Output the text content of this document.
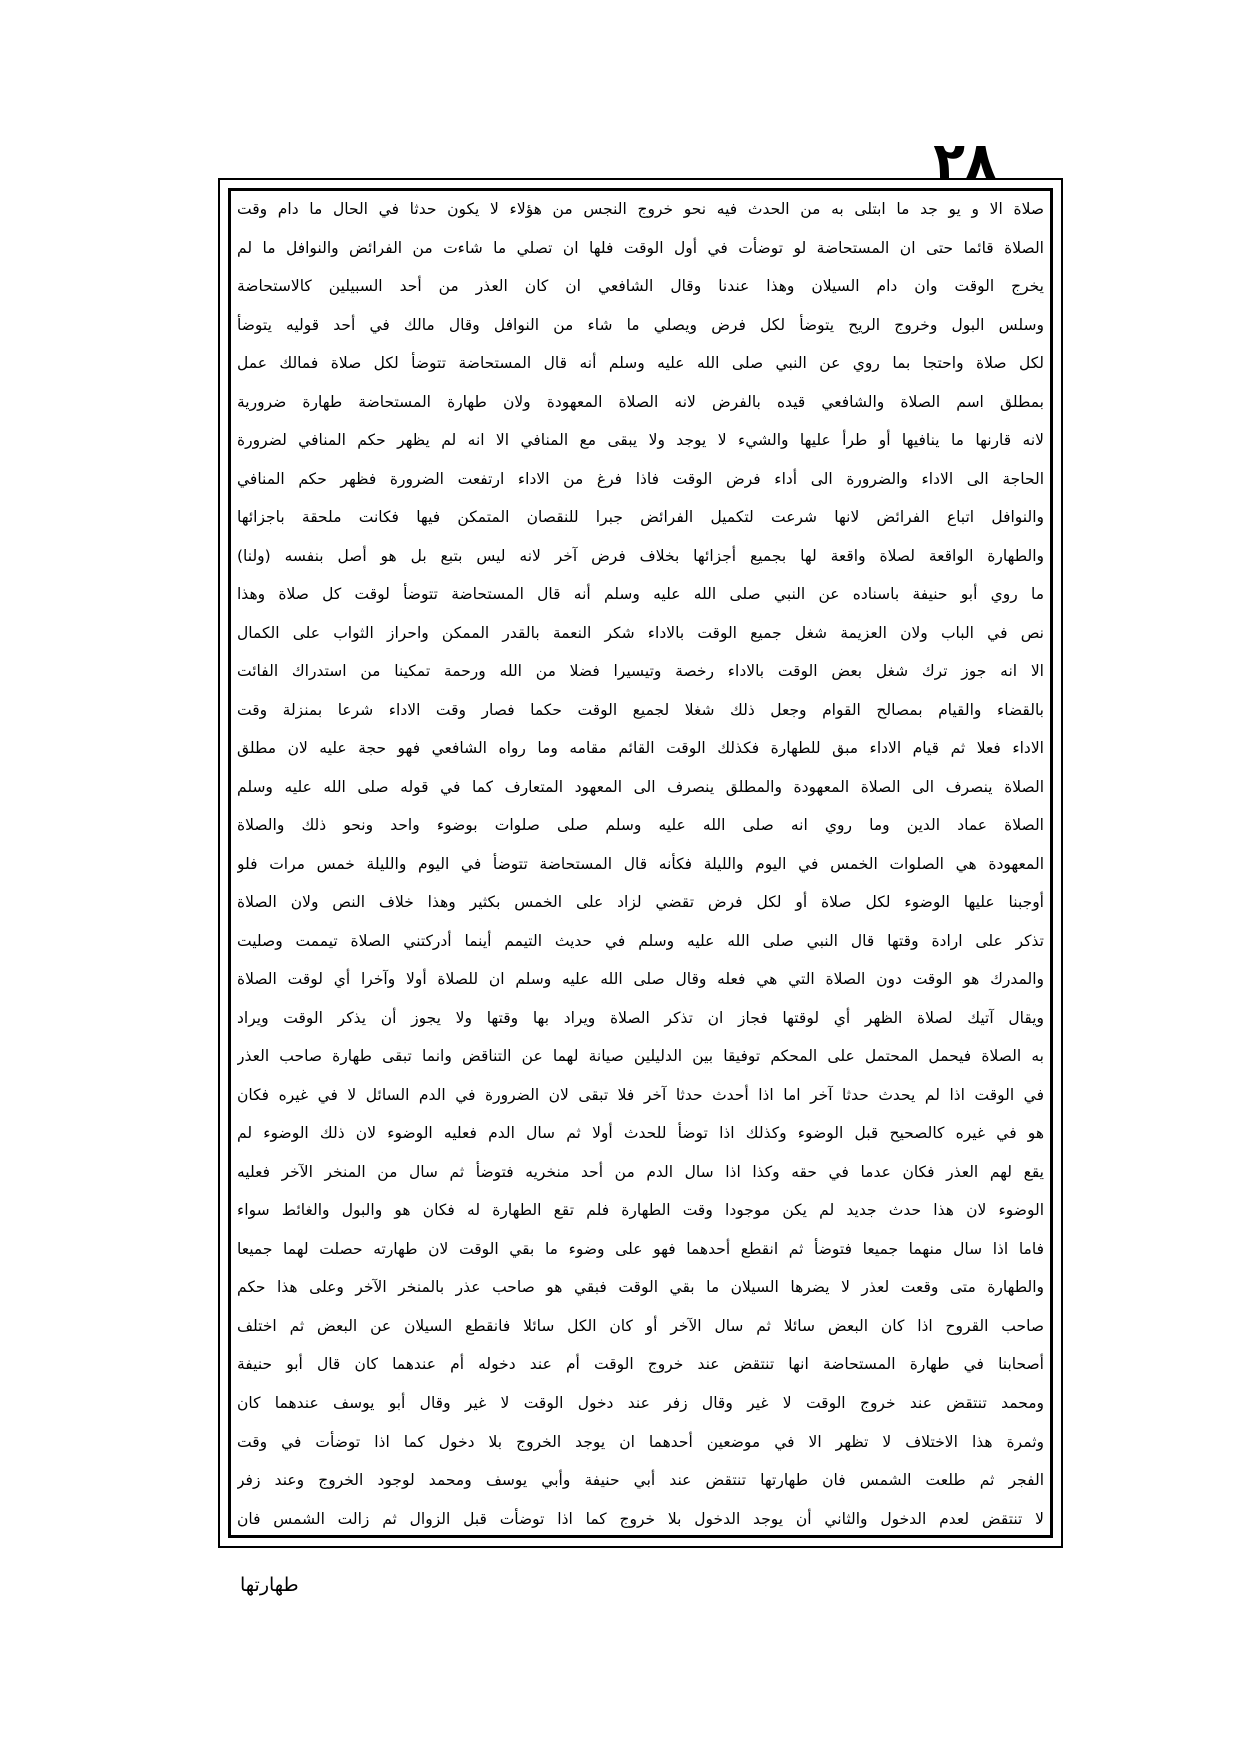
٢٨
صلاة الا و يو جد ما ابتلى به من الحدث فيه نحو خروج النجس من هؤلاء لا يكون حدثا في الحال ما دام وقت
الصلاة قائما حتى ان المستحاضة لو توضأت في أول الوقت فلها ان تصلي ما شاءت من الفرائض والنوافل ما لم
يخرج الوقت وان دام السيلان وهذا عندنا وقال الشافعي ان كان العذر من أحد السبيلين كالاستحاضة
وسلس البول وخروج الريح يتوضأ لكل فرض ويصلي ما شاء من النوافل وقال مالك في أحد قوليه يتوضأ
لكل صلاة واحتجا بما روي عن النبي صلى الله عليه وسلم أنه قال المستحاضة تتوضأ لكل صلاة فمالك عمل
بمطلق اسم الصلاة والشافعي قيده بالفرض لانه الصلاة المعهودة ولان طهارة المستحاضة طهارة ضرورية
لانه قارنها ما ينافيها أو طرأ عليها والشيء لا يوجد ولا يبقى مع المنافي الا انه لم يظهر حكم المنافي لضرورة
الحاجة الى الاداء والضرورة الى أداء فرض الوقت فاذا فرغ من الاداء ارتفعت الضرورة فظهر حكم المنافي
والنوافل اتباع الفرائض لانها شرعت لتكميل الفرائض جبرا للنقصان المتمكن فيها فكانت ملحقة باجزائها
والطهارة الواقعة لصلاة واقعة لها بجميع أجزائها بخلاف فرض آخر لانه ليس بتبع بل هو أصل بنفسه (ولنا)
ما روي أبو حنيفة باسناده عن النبي صلى الله عليه وسلم أنه قال المستحاضة تتوضأ لوقت كل صلاة وهذا
نص في الباب ولان العزيمة شغل جميع الوقت بالاداء شكر النعمة بالقدر الممكن واحراز الثواب على الكمال
الا انه جوز ترك شغل بعض الوقت بالاداء رخصة وتيسيرا فضلا من الله ورحمة تمكينا من استدراك الفائت
بالقضاء والقيام بمصالح القوام وجعل ذلك شغلا لجميع الوقت حكما فصار وقت الاداء شرعا بمنزلة وقت
الاداء فعلا ثم قيام الاداء مبق للطهارة فكذلك الوقت القائم مقامه وما رواه الشافعي فهو حجة عليه لان مطلق
الصلاة ينصرف الى الصلاة المعهودة والمطلق ينصرف الى المعهود المتعارف كما في قوله صلى الله عليه وسلم
الصلاة عماد الدين وما روي انه صلى الله عليه وسلم صلى صلوات بوضوء واحد ونحو ذلك والصلاة
المعهودة هي الصلوات الخمس في اليوم والليلة فكأنه قال المستحاضة تتوضأ في اليوم والليلة خمس مرات فلو
أوجبنا عليها الوضوء لكل صلاة أو لكل فرض تقضي لزاد على الخمس بكثير وهذا خلاف النص ولان الصلاة
تذكر على ارادة وقتها قال النبي صلى الله عليه وسلم في حديث التيمم أينما أدركتني الصلاة تيممت وصليت
والمدرك هو الوقت دون الصلاة التي هي فعله وقال صلى الله عليه وسلم ان للصلاة أولا وآخرا أي لوقت الصلاة
ويقال آتيك لصلاة الظهر أي لوقتها فجاز ان تذكر الصلاة ويراد بها وقتها ولا يجوز أن يذكر الوقت ويراد
به الصلاة فيحمل المحتمل على المحكم توفيقا بين الدليلين صيانة لهما عن التناقض وانما تبقى طهارة صاحب العذر
في الوقت اذا لم يحدث حدثا آخر اما اذا أحدث حدثا آخر فلا تبقى لان الضرورة في الدم السائل لا في غيره فكان
هو في غيره كالصحيح قبل الوضوء وكذلك اذا توضأ للحدث أولا ثم سال الدم فعليه الوضوء لان ذلك الوضوء لم
يقع لهم العذر فكان عدما في حقه وكذا اذا سال الدم من أحد منخريه فتوضأ ثم سال من المنخر الآخر فعليه
الوضوء لان هذا حدث جديد لم يكن موجودا وقت الطهارة فلم تقع الطهارة له فكان هو والبول والغائط سواء
فاما اذا سال منهما جميعا فتوضأ ثم انقطع أحدهما فهو على وضوء ما بقي الوقت لان طهارته حصلت لهما جميعا
والطهارة متى وقعت لعذر لا يضرها السيلان ما بقي الوقت فبقي هو صاحب عذر بالمنخر الآخر وعلى هذا حكم
صاحب القروح اذا كان البعض سائلا ثم سال الآخر أو كان الكل سائلا فانقطع السيلان عن البعض ثم اختلف
أصحابنا في طهارة المستحاضة انها تنتقض عند خروج الوقت أم عند دخوله أم عندهما كان قال أبو حنيفة
ومحمد تنتقض عند خروج الوقت لا غير وقال زفر عند دخول الوقت لا غير وقال أبو يوسف عندهما كان
وثمرة هذا الاختلاف لا تظهر الا في موضعين أحدهما ان يوجد الخروج بلا دخول كما اذا توضأت في وقت
الفجر ثم طلعت الشمس فان طهارتها تنتقض عند أبي حنيفة وأبي يوسف ومحمد لوجود الخروج وعند زفر
لا تنتقض لعدم الدخول والثاني أن يوجد الدخول بلا خروج كما اذا توضأت قبل الزوال ثم زالت الشمس فان
طهارتها
